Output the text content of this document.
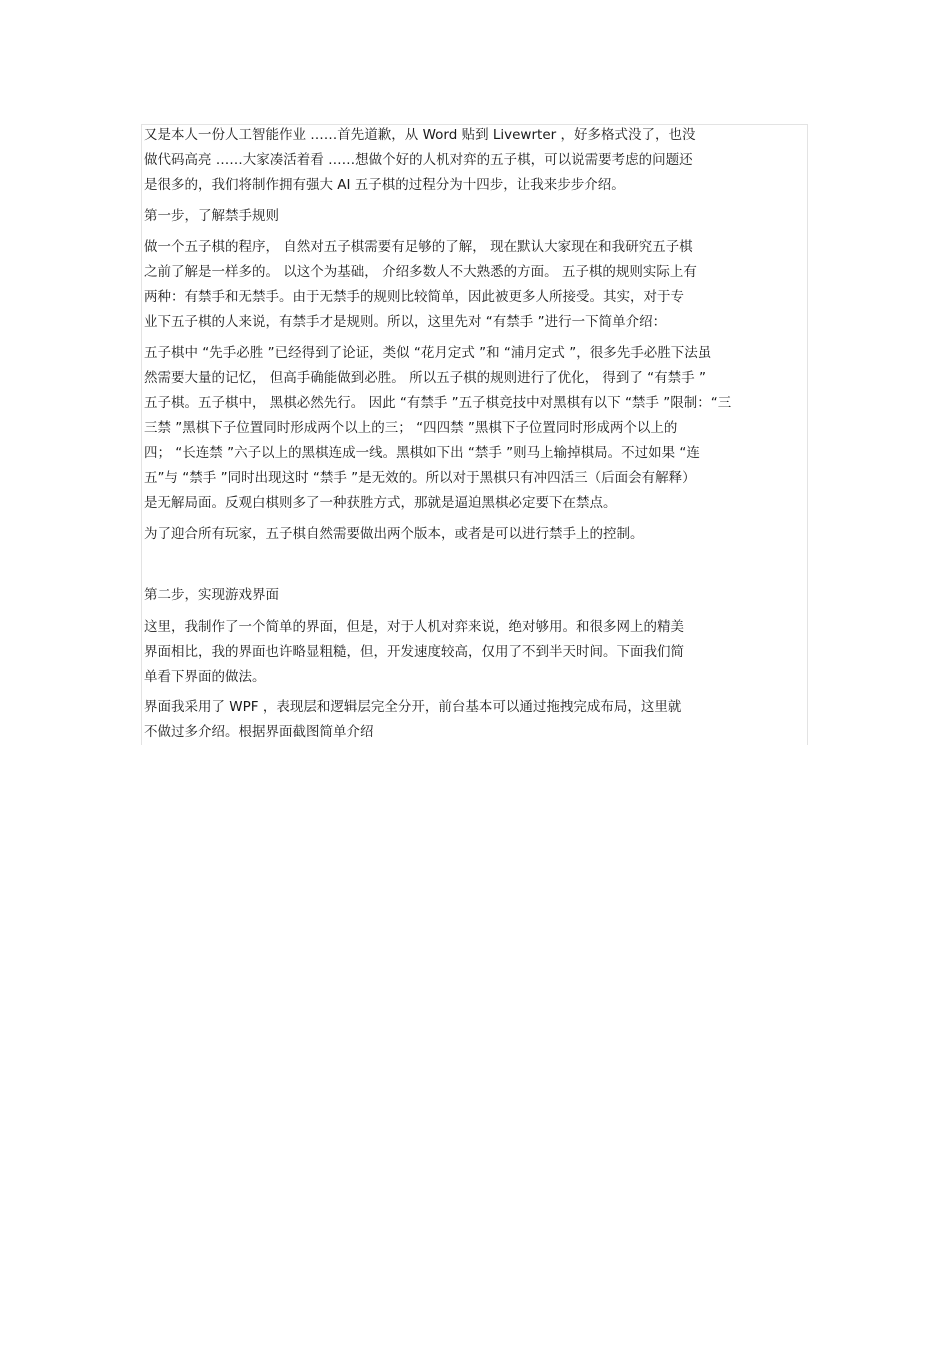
又是本人一份人工智能作业 ……首先道歉，从 Word 贴到 Livewrter ，好多格式没了，也没
做代码高亮 ……大家凑活着看 ……想做个好的人机对弈的五子棋，可以说需要考虑的问题还
是很多的，我们将制作拥有强大 AI 五子棋的过程分为十四步，让我来步步介绍。
第一步，了解禁手规则
做一个五子棋的程序， 自然对五子棋需要有足够的了解， 现在默认大家现在和我研究五子棋
之前了解是一样多的。 以这个为基础， 介绍多数人不大熟悉的方面。 五子棋的规则实际上有
两种：有禁手和无禁手。由于无禁手的规则比较简单，因此被更多人所接受。其实，对于专
业下五子棋的人来说，有禁手才是规则。所以，这里先对 “有禁手 ”进行一下简单介绍：
五子棋中 “先手必胜 ”已经得到了论证，类似 “花月定式 ”和 “浦月定式 ”，很多先手必胜下法虽
然需要大量的记忆， 但高手确能做到必胜。 所以五子棋的规则进行了优化， 得到了 “有禁手 ”
五子棋。五子棋中， 黑棋必然先行。 因此 “有禁手 ”五子棋竞技中对黑棋有以下 “禁手 ”限制：“三
三禁 ”黑棋下子位置同时形成两个以上的三； “四四禁 ”黑棋下子位置同时形成两个以上的
四； “长连禁 ”六子以上的黑棋连成一线。黑棋如下出 “禁手 ”则马上输掉棋局。不过如果 “连
五”与 “禁手 ”同时出现这时 “禁手 ”是无效的。所以对于黑棋只有冲四活三（后面会有解释）
是无解局面。反观白棋则多了一种获胜方式，那就是逼迫黑棋必定要下在禁点。
为了迎合所有玩家，五子棋自然需要做出两个版本，或者是可以进行禁手上的控制。
第二步，实现游戏界面
这里，我制作了一个简单的界面，但是，对于人机对弈来说，绝对够用。和很多网上的精美
界面相比，我的界面也许略显粗糙，但，开发速度较高，仅用了不到半天时间。下面我们简
单看下界面的做法。
界面我采用了 WPF ，表现层和逻辑层完全分开，前台基本可以通过拖拽完成布局，这里就
不做过多介绍。根据界面截图简单介绍
